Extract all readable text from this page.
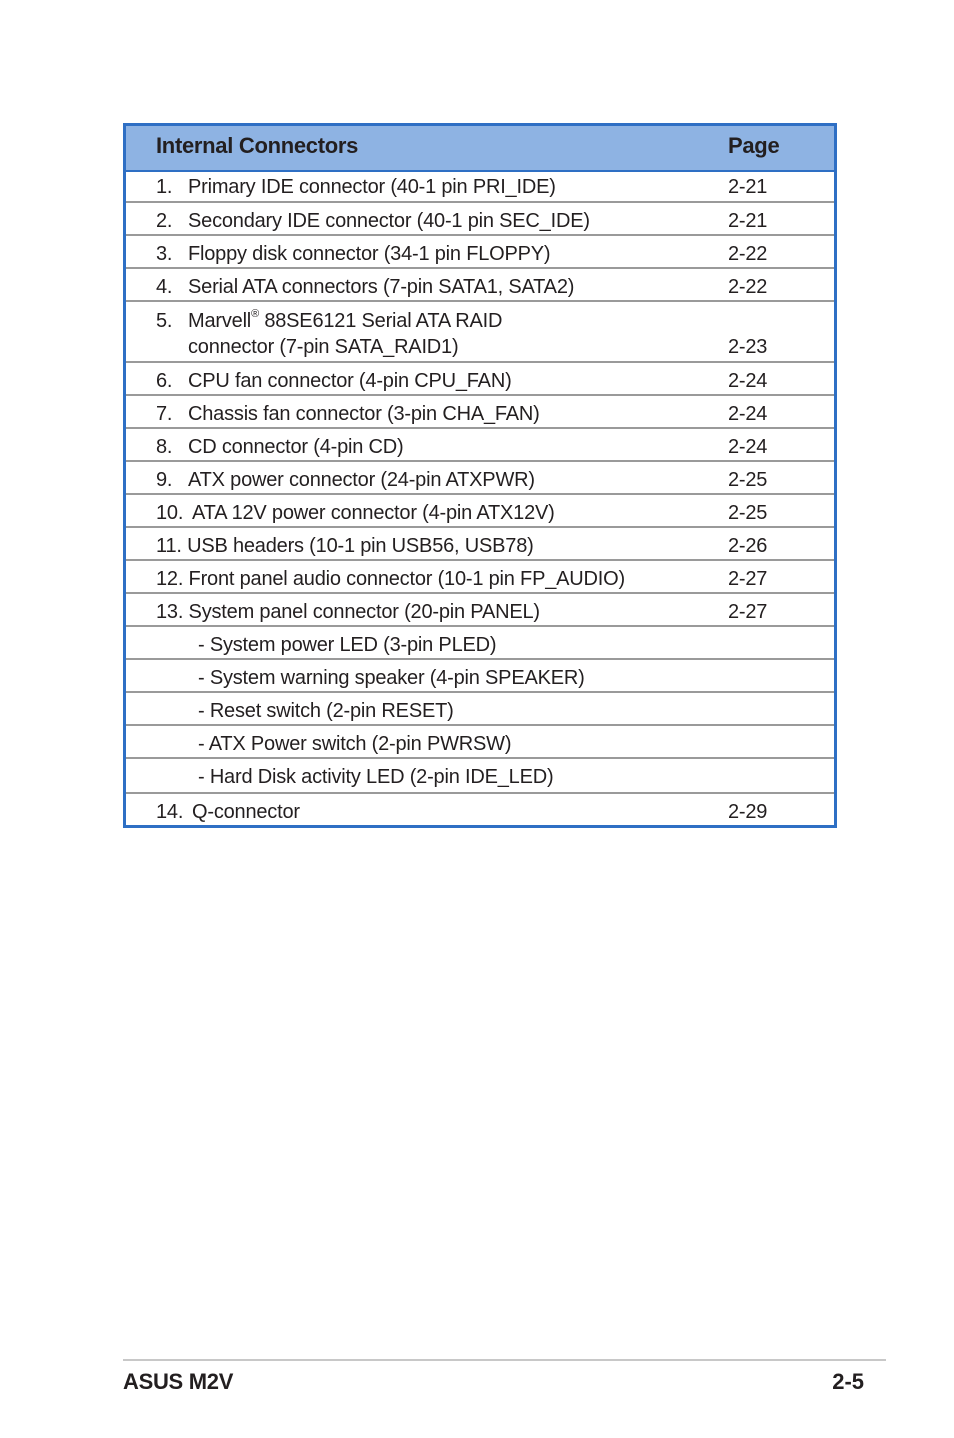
Internal Connectors	Page
1. Primary IDE connector (40-1 pin PRI_IDE)	2-21
2. Secondary IDE connector (40-1 pin SEC_IDE)	2-21
3. Floppy disk connector (34-1 pin FLOPPY)	2-22
4. Serial ATA connectors (7-pin SATA1, SATA2)	2-22
5. Marvell® 88SE6121 Serial ATA RAID
connector (7-pin SATA_RAID1)	2-23
6. CPU fan connector (4-pin CPU_FAN)	2-24
7. Chassis fan connector (3-pin CHA_FAN)	2-24
8. CD connector (4-pin CD)	2-24
9. ATX power connector (24-pin ATXPWR)	2-25
10. ATA 12V power connector (4-pin ATX12V)	2-25
11. USB headers (10-1 pin USB56, USB78)	2-26
12. Front panel audio connector (10-1 pin FP_AUDIO)	2-27
13. System panel connector (20-pin PANEL)	2-27
- System power LED (3-pin PLED)
- System warning speaker (4-pin SPEAKER)
- Reset switch (2-pin RESET)
- ATX Power switch (2-pin PWRSW)
- Hard Disk activity LED (2-pin IDE_LED)
14. Q-connector	2-29
ASUS M2V	2-5
